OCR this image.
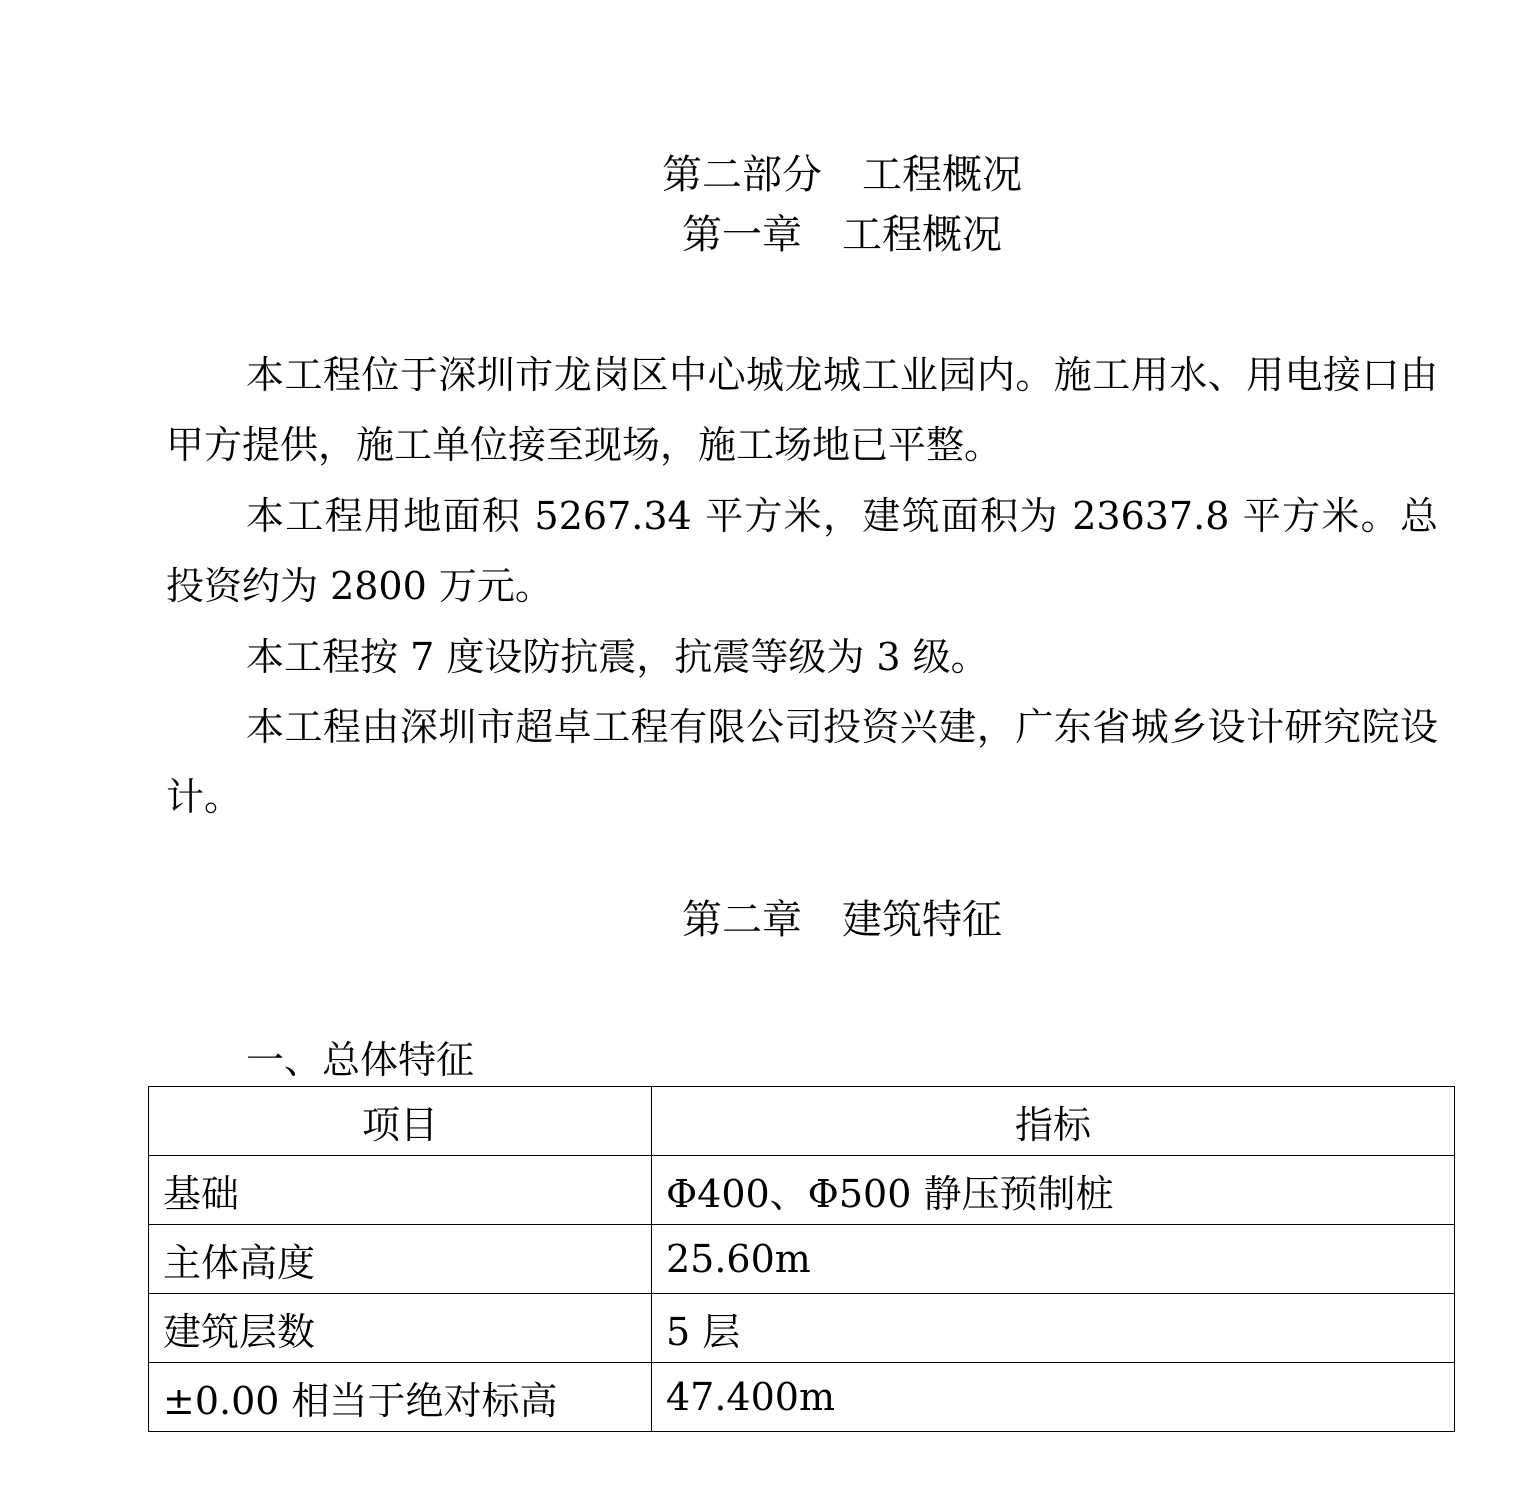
第二部分　工程概况
第一章　工程概况

本工程位于深圳市龙岗区中心城龙城工业园内。施工用水、用电接口由甲方提供，施工单位接至现场，施工场地已平整。

本工程用地面积 5267.34 平方米，建筑面积为 23637.8 平方米。总投资约为 2800 万元。

本工程按 7 度设防抗震，抗震等级为 3 级。

本工程由深圳市超卓工程有限公司投资兴建，广东省城乡设计研究院设计。

第二章　建筑特征
一、总体特征
项目	指标
基础	Φ400、Φ500 静压预制桩
主体高度	25.60m
建筑层数	5 层
±0.00 相当于绝对标高	47.400m
